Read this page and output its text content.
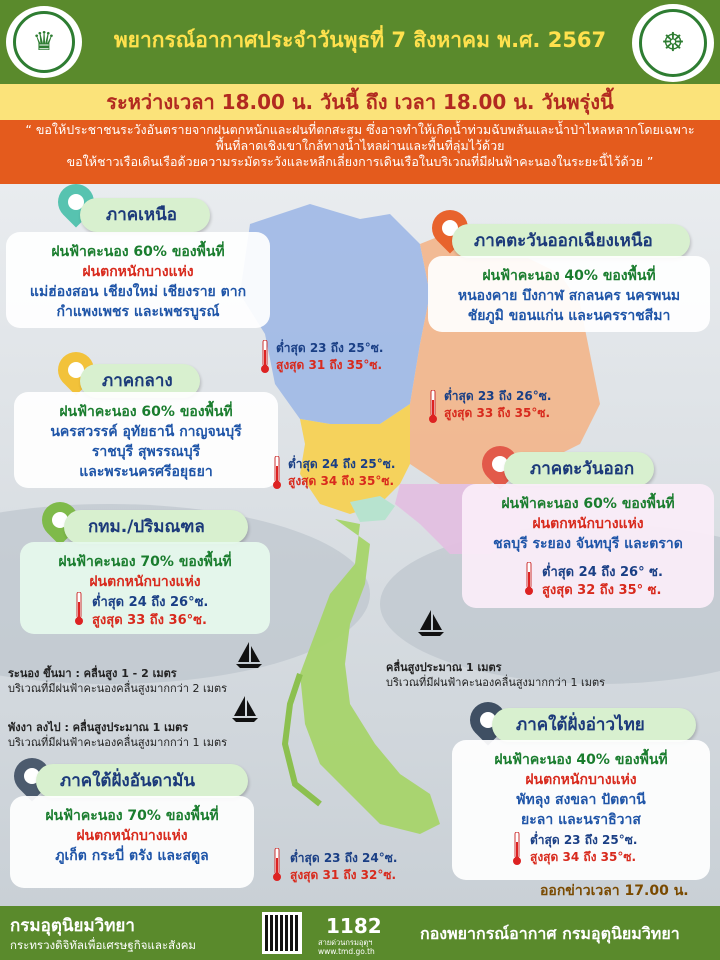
♛	☸
พยากรณ์อากาศประจำวันพุธที่ 7 สิงหาคม พ.ศ. 2567
ระหว่างเวลา 18.00 น. วันนี้ ถึง เวลา 18.00 น. วันพรุ่งนี้
“ ขอให้ประชาชนระวังอันตรายจากฝนตกหนักและฝนที่ตกสะสม ซึ่งอาจทำให้เกิดน้ำท่วมฉับพลันและน้ำป่าไหลหลากโดยเฉพาะ
พื้นที่ลาดเชิงเขาใกล้ทางน้ำไหลผ่านและพื้นที่ลุ่มไว้ด้วย
ขอให้ชาวเรือเดินเรือด้วยความระมัดระวังและหลีกเลี่ยงการเดินเรือในบริเวณที่มีฝนฟ้าคะนองในระยะนี้ไว้ด้วย ”
ภาคเหนือ
ฝนฟ้าคะนอง 60% ของพื้นที่
ฝนตกหนักบางแห่ง
แม่ฮ่องสอน เชียงใหม่ เชียงราย ตาก
กำแพงเพชร และเพชรบูรณ์
ต่ำสุด 23 ถึง 25°ซ.
สูงสุด 31 ถึง 35°ซ.
ภาคตะวันออกเฉียงเหนือ
ฝนฟ้าคะนอง 40% ของพื้นที่
หนองคาย บึงกาฬ สกลนคร นครพนม
ชัยภูมิ ขอนแก่น และนครราชสีมา
ต่ำสุด 23 ถึง 26°ซ.
สูงสุด 33 ถึง 35°ซ.
ภาคกลาง
ฝนฟ้าคะนอง 60% ของพื้นที่
นครสวรรค์ อุทัยธานี กาญจนบุรี
ราชบุรี สุพรรณบุรี
และพระนครศรีอยุธยา	ต่ำสุด 24 ถึง 25°ซ.
สูงสุด 34 ถึง 35°ซ.
ภาคตะวันออก
ฝนฟ้าคะนอง 60% ของพื้นที่
ฝนตกหนักบางแห่ง
ชลบุรี ระยอง จันทบุรี และตราด
ต่ำสุด 24 ถึง 26° ซ.
สูงสุด 32 ถึง 35° ซ.
กทม./ปริมณฑล
ฝนฟ้าคะนอง 70% ของพื้นที่
ฝนตกหนักบางแห่ง
ต่ำสุด 24 ถึง 26°ซ.
สูงสุด 33 ถึง 36°ซ.
คลื่นสูงประมาณ 1 เมตร
บริเวณที่มีฝนฟ้าคะนองคลื่นสูงมากกว่า 1 เมตร
ระนอง ขึ้นมา : คลื่นสูง 1 - 2 เมตร
บริเวณที่มีฝนฟ้าคะนองคลื่นสูงมากกว่า 2 เมตร
พังงา ลงไป : คลื่นสูงประมาณ 1 เมตร
บริเวณที่มีฝนฟ้าคะนองคลื่นสูงมากกว่า 1 เมตร
ภาคใต้ฝั่งอ่าวไทย
ฝนฟ้าคะนอง 40% ของพื้นที่
ฝนตกหนักบางแห่ง
พัทลุง สงขลา ปัตตานี
ยะลา และนราธิวาส
ต่ำสุด 23 ถึง 25°ซ.
สูงสุด 34 ถึง 35°ซ.
ภาคใต้ฝั่งอันดามัน
ฝนฟ้าคะนอง 70% ของพื้นที่
ฝนตกหนักบางแห่ง
ภูเก็ต กระบี่ ตรัง และสตูล	ต่ำสุด 23 ถึง 24°ซ.
สูงสุด 31 ถึง 32°ซ.
ออกข่าวเวลา 17.00 น.
กรมอุตุนิยมวิทยา
กระทรวงดิจิทัลเพื่อเศรษฐกิจและสังคม
1182
สายด่วนกรมอุตุฯ
www.tmd.go.th
กองพยากรณ์อากาศ กรมอุตุนิยมวิทยา
